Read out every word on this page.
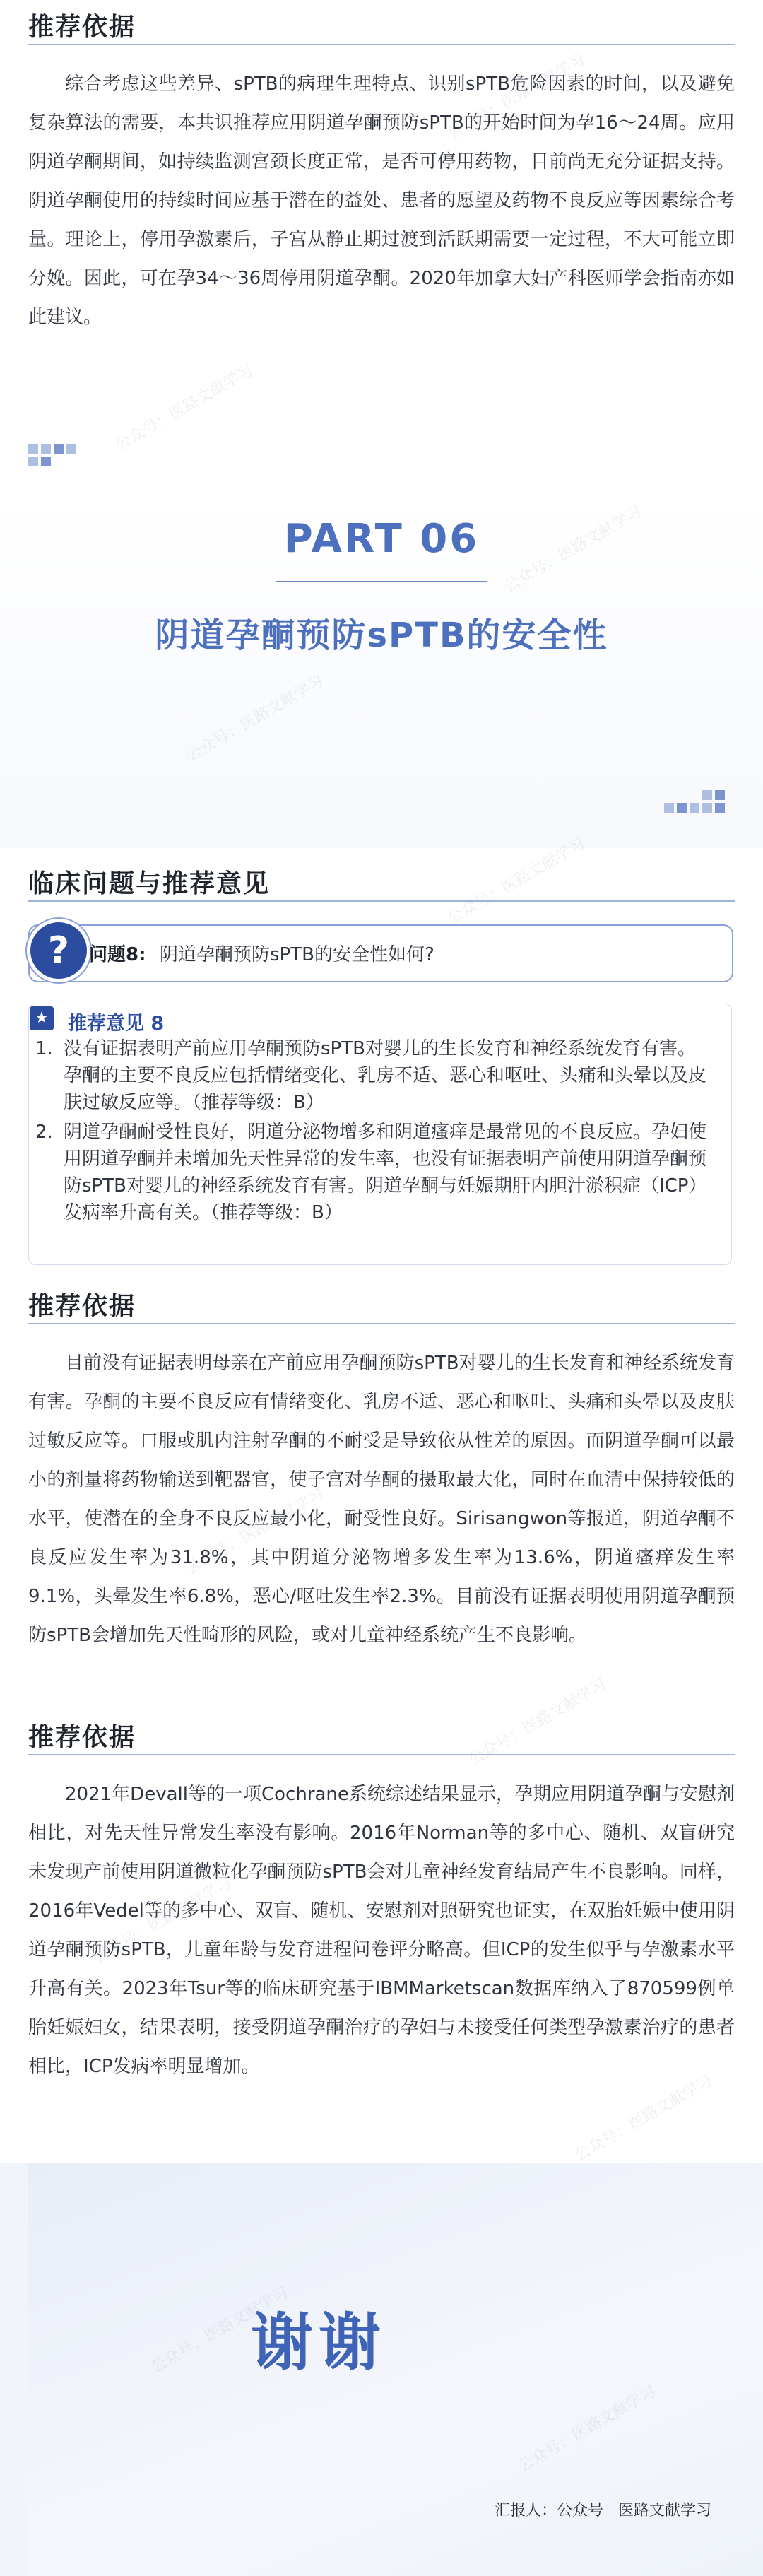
公众号：医路文献学习
公众号：医路文献学习
公众号：医路文献学习
公众号：医路文献学习
公众号：医路文献学习
公众号：医路文献学习
公众号：医路文献学习
推荐依据

综合考虑这些差异、sPTB的病理生理特点、识别sPTB危险因素的时间，以及避免复杂算法的需要，本共识推荐应用阴道孕酮预防sPTB的开始时间为孕16～24周。应用阴道孕酮期间，如持续监测宫颈长度正常，是否可停用药物，目前尚无充分证据支持。阴道孕酮使用的持续时间应基于潜在的益处、患者的愿望及药物不良反应等因素综合考量。理论上，停用孕激素后，子宫从静止期过渡到活跃期需要一定过程，不大可能立即分娩。因此，可在孕34～36周停用阴道孕酮。2020年加拿大妇产科医师学会指南亦如此建议。

PART 06
阴道孕酮预防sPTB的安全性
临床问题与推荐意见
?	问题8: 阴道孕酮预防sPTB的安全性如何?
★ 推荐意见 8
1. 没有证据表明产前应用孕酮预防sPTB对婴儿的生长发育和神经系统发育有害。孕酮的主要不良反应包括情绪变化、乳房不适、恶心和呕吐、头痛和头晕以及皮肤过敏反应等。（推荐等级：B）
2. 阴道孕酮耐受性良好，阴道分泌物增多和阴道瘙痒是最常见的不良反应。孕妇使用阴道孕酮并未增加先天性异常的发生率，也没有证据表明产前使用阴道孕酮预防sPTB对婴儿的神经系统发育有害。阴道孕酮与妊娠期肝内胆汁淤积症（ICP）发病率升高有关。（推荐等级：B）
推荐依据

目前没有证据表明母亲在产前应用孕酮预防sPTB对婴儿的生长发育和神经系统发育有害。孕酮的主要不良反应有情绪变化、乳房不适、恶心和呕吐、头痛和头晕以及皮肤过敏反应等。口服或肌内注射孕酮的不耐受是导致依从性差的原因。而阴道孕酮可以最小的剂量将药物输送到靶器官，使子宫对孕酮的摄取最大化，同时在血清中保持较低的水平，使潜在的全身不良反应最小化，耐受性良好。Sirisangwon等报道，阴道孕酮不良反应发生率为31.8%，其中阴道分泌物增多发生率为13.6%，阴道瘙痒发生率9.1%，头晕发生率6.8%，恶心/呕吐发生率2.3%。目前没有证据表明使用阴道孕酮预防sPTB会增加先天性畸形的风险，或对儿童神经系统产生不良影响。

推荐依据

2021年Devall等的一项Cochrane系统综述结果显示，孕期应用阴道孕酮与安慰剂相比，对先天性异常发生率没有影响。2016年Norman等的多中心、随机、双盲研究未发现产前使用阴道微粒化孕酮预防sPTB会对儿童神经发育结局产生不良影响。同样，2016年Vedel等的多中心、双盲、随机、安慰剂对照研究也证实，在双胎妊娠中使用阴道孕酮预防sPTB，儿童年龄与发育进程问卷评分略高。但ICP的发生似乎与孕激素水平升高有关。2023年Tsur等的临床研究基于IBMMarketscan数据库纳入了870599例单胎妊娠妇女，结果表明，接受阴道孕酮治疗的孕妇与未接受任何类型孕激素治疗的患者相比，ICP发病率明显增加。

谢谢
汇报人：公众号   医路文献学习
